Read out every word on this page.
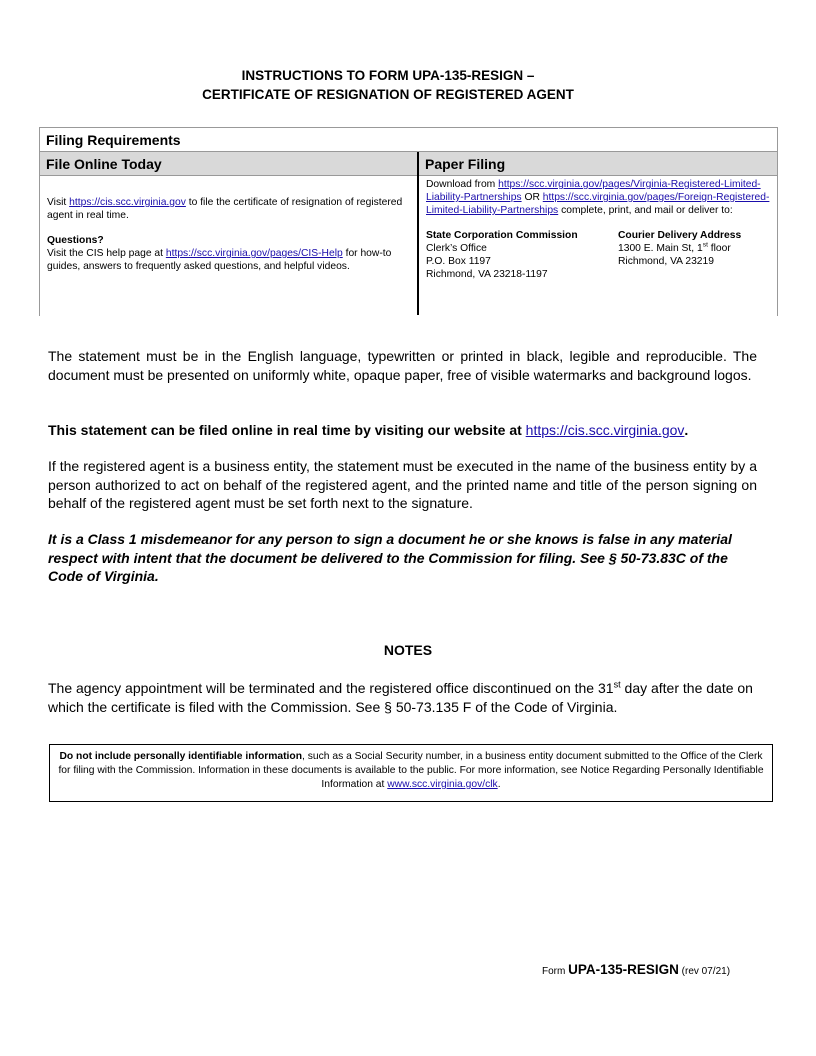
INSTRUCTIONS TO FORM UPA-135-RESIGN –
CERTIFICATE OF RESIGNATION OF REGISTERED AGENT
Filing Requirements
File Online Today
Visit https://cis.scc.virginia.gov to file the certificate of resignation of registered agent in real time.
Questions?
Visit the CIS help page at https://scc.virginia.gov/pages/CIS-Help for how-to guides, answers to frequently asked questions, and helpful videos.
Paper Filing
Download from https://scc.virginia.gov/pages/Virginia-Registered-Limited-Liability-Partnerships OR https://scc.virginia.gov/pages/Foreign-Registered-Limited-Liability-Partnerships complete, print, and mail or deliver to:
State Corporation Commission
Clerk’s Office
P.O. Box 1197
Richmond, VA 23218-1197
Courier Delivery Address
1300 E. Main St, 1st floor
Richmond, VA 23219
The statement must be in the English language, typewritten or printed in black, legible and reproducible. The document must be presented on uniformly white, opaque paper, free of visible watermarks and background logos.
This statement can be filed online in real time by visiting our website at https://cis.scc.virginia.gov.
If the registered agent is a business entity, the statement must be executed in the name of the business entity by a person authorized to act on behalf of the registered agent, and the printed name and title of the person signing on behalf of the registered agent must be set forth next to the signature.
It is a Class 1 misdemeanor for any person to sign a document he or she knows is false in any material respect with intent that the document be delivered to the Commission for filing. See § 50-73.83C of the Code of Virginia.
NOTES
The agency appointment will be terminated and the registered office discontinued on the 31st day after the date on which the certificate is filed with the Commission. See § 50-73.135 F of the Code of Virginia.
Do not include personally identifiable information, such as a Social Security number, in a business entity document submitted to the Office of the Clerk for filing with the Commission. Information in these documents is available to the public. For more information, see Notice Regarding Personally Identifiable Information at www.scc.virginia.gov/clk.
Form UPA-135-RESIGN (rev 07/21)
